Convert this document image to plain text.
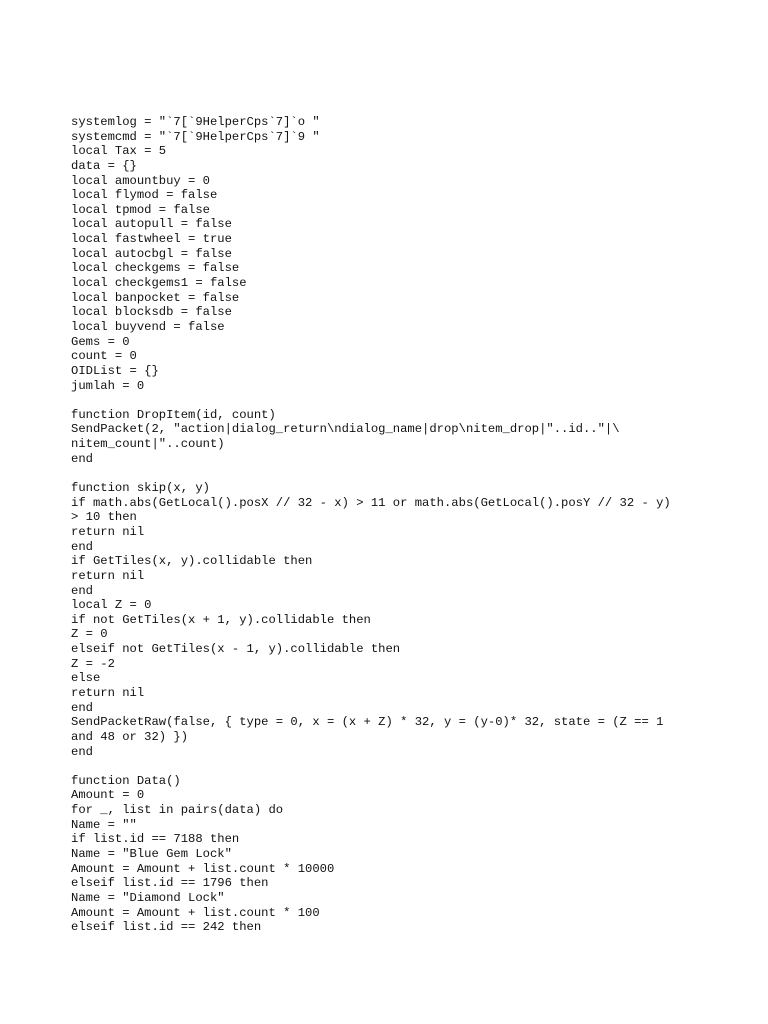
systemlog = "`7[`9HelperCps`7]`o "
systemcmd = "`7[`9HelperCps`7]`9 "
local Tax = 5
data = {}
local amountbuy = 0
local flymod = false
local tpmod = false
local autopull = false
local fastwheel = true
local autocbgl = false
local checkgems = false
local checkgems1 = false
local banpocket = false
local blocksdb = false
local buyvend = false
Gems = 0
count = 0
OIDList = {}
jumlah = 0
function DropItem(id, count)
SendPacket(2, "action|dialog_return\ndialog_name|drop\nitem_drop|"..id.."|\
nitem_count|"..count)
end
function skip(x, y)
if math.abs(GetLocal().posX // 32 - x) > 11 or math.abs(GetLocal().posY // 32 - y)
> 10 then
return nil
end
if GetTiles(x, y).collidable then
return nil
end
local Z = 0
if not GetTiles(x + 1, y).collidable then
Z = 0
elseif not GetTiles(x - 1, y).collidable then
Z = -2
else
return nil
end
SendPacketRaw(false, { type = 0, x = (x + Z) * 32, y = (y-0)* 32, state = (Z == 1
and 48 or 32) })
end
function Data()
Amount = 0
for _, list in pairs(data) do
Name = ""
if list.id == 7188 then
Name = "Blue Gem Lock"
Amount = Amount + list.count * 10000
elseif list.id == 1796 then
Name = "Diamond Lock"
Amount = Amount + list.count * 100
elseif list.id == 242 then
